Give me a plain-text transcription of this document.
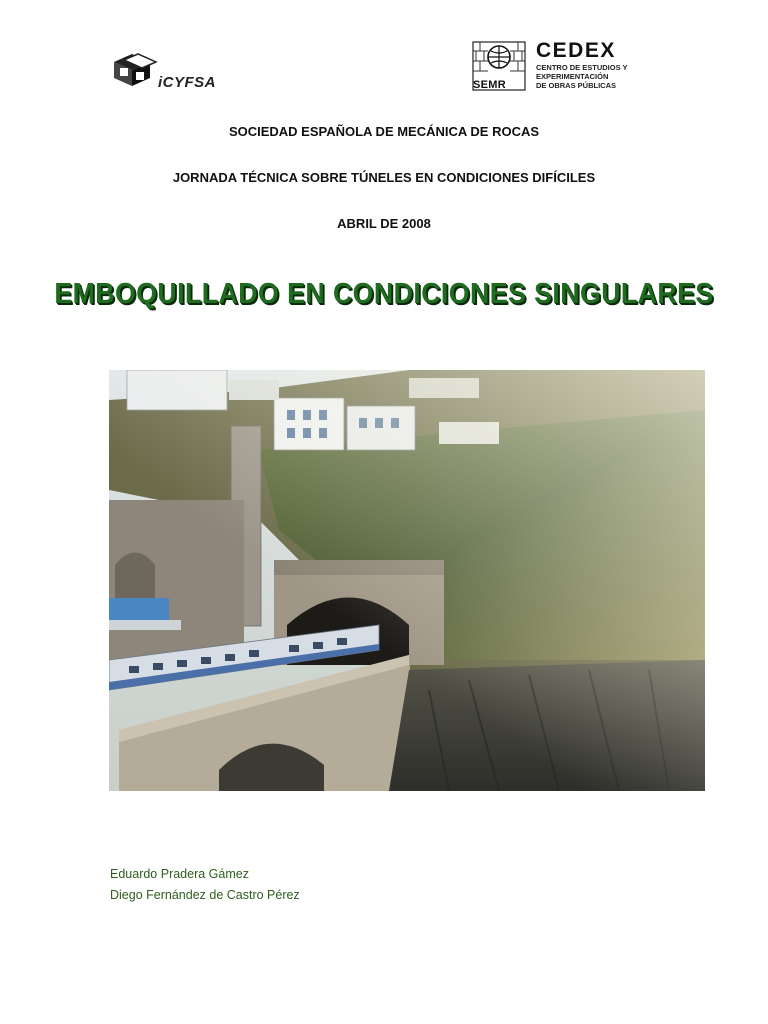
iCYFSA	SEMR
CEDEX
CENTRO DE ESTUDIOS Y
EXPERIMENTACIÓN
DE OBRAS PÚBLICAS
SOCIEDAD ESPAÑOLA DE MECÁNICA DE ROCAS
JORNADA TÉCNICA SOBRE TÚNELES EN CONDICIONES DIFÍCILES
ABRIL DE 2008
EMBOQUILLADO EN CONDICIONES SINGULARES
Eduardo Pradera Gámez
Diego Fernández de Castro Pérez
